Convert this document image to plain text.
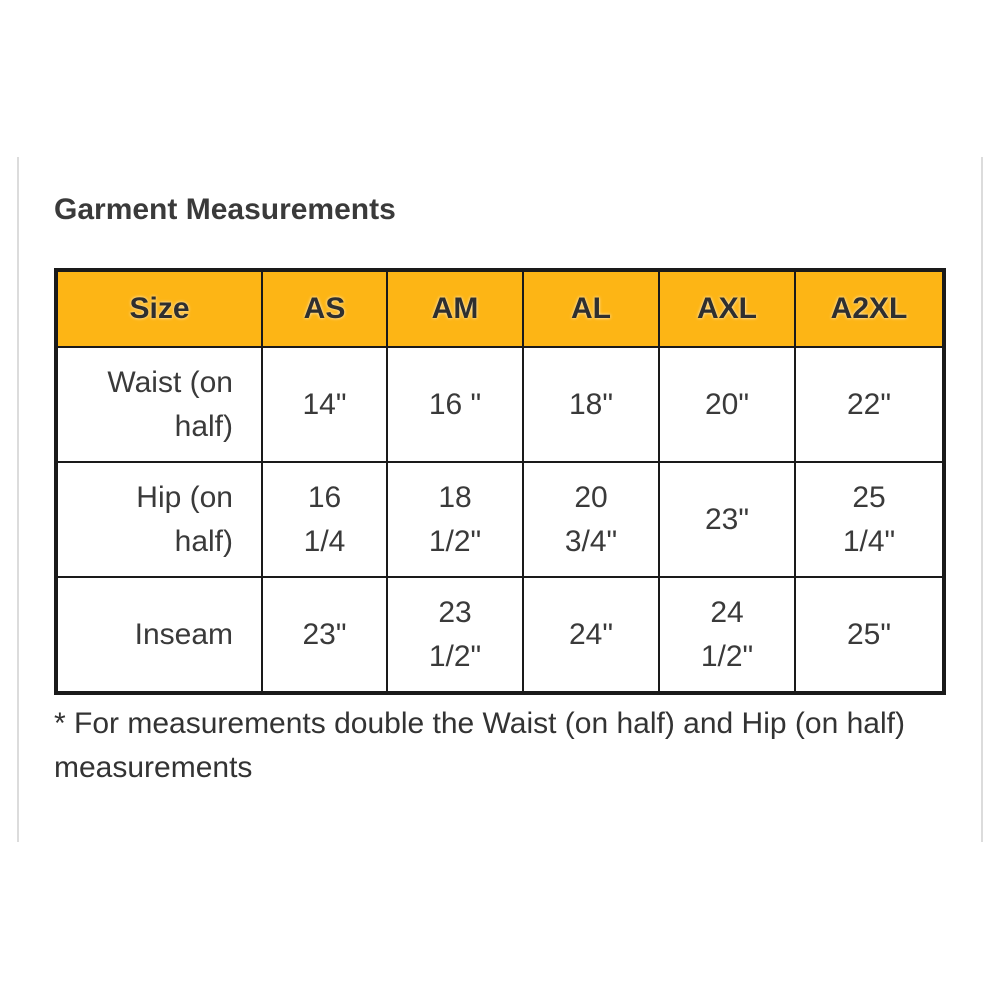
Garment Measurements
Size	AS	AM	AL	AXL	A2XL
Waist (on half)	14"	16 "	18"	20"	22"
Hip (on half)	16 1/4	18 1/2"	20 3/4"	23"	25 1/4"
Inseam	23"	23 1/2"	24"	24 1/2"	25"
* For measurements double the Waist (on half) and Hip (on half) measurements
